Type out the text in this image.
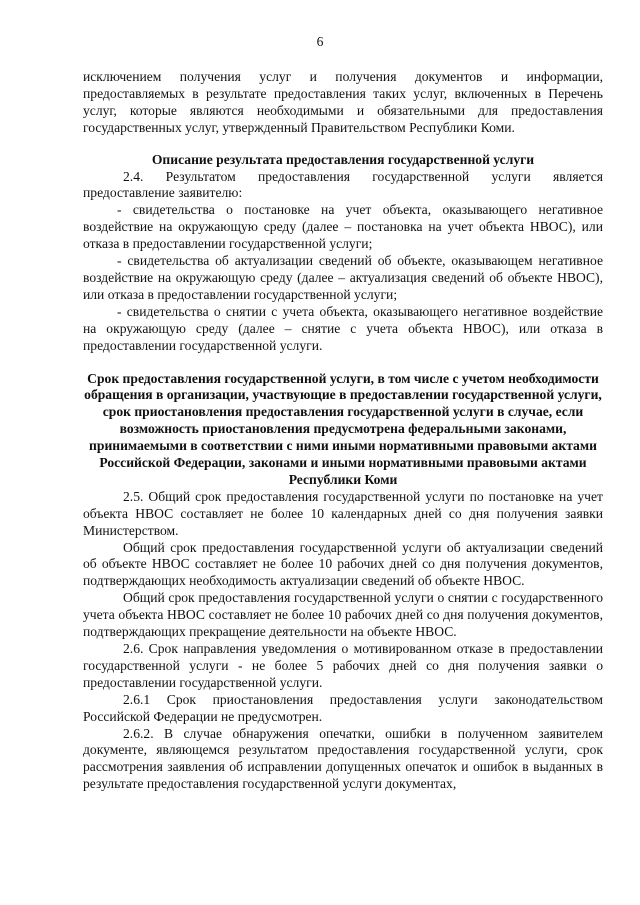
6

исключением получения услуг и получения документов и информации, предоставляемых в результате предоставления таких услуг, включенных в Перечень услуг, которые являются необходимыми и обязательными для предоставления государственных услуг, утвержденный Правительством Республики Коми.

Описание результата предоставления государственной услуги

2.4. Результатом предоставления государственной услуги является предоставление заявителю:

- свидетельства о постановке на учет объекта, оказывающего негативное воздействие на окружающую среду (далее – постановка на учет объекта НВОС), или отказа в предоставлении государственной услуги;

- свидетельства об актуализации сведений об объекте, оказывающем негативное воздействие на окружающую среду (далее – актуализация сведений об объекте НВОС), или отказа в предоставлении государственной услуги;

- свидетельства о снятии с учета объекта, оказывающего негативное воздействие на окружающую среду (далее – снятие с учета объекта НВОС), или отказа в предоставлении государственной услуги.

Срок предоставления государственной услуги, в том числе с учетом необходимости обращения в организации, участвующие в предоставлении государственной услуги, срок приостановления предоставления государственной услуги в случае, если возможность приостановления предусмотрена федеральными законами, принимаемыми в соответствии с ними иными нормативными правовыми актами Российской Федерации, законами и иными нормативными правовыми актами Республики Коми

2.5. Общий срок предоставления государственной услуги по постановке на учет объекта НВОС составляет не более 10 календарных дней со дня получения заявки Министерством.

Общий срок предоставления государственной услуги об актуализации сведений об объекте НВОС составляет не более 10 рабочих дней со дня получения документов, подтверждающих необходимость актуализации сведений об объекте НВОС.

Общий срок предоставления государственной услуги о снятии с государственного учета объекта НВОС составляет не более 10 рабочих дней со дня получения документов, подтверждающих прекращение деятельности на объекте НВОС.

2.6. Срок направления уведомления о мотивированном отказе в предоставлении государственной услуги - не более 5 рабочих дней со дня получения заявки о предоставлении государственной услуги.

2.6.1 Срок приостановления предоставления услуги законодательством Российской Федерации не предусмотрен.

2.6.2. В случае обнаружения опечатки, ошибки в полученном заявителем документе, являющемся результатом предоставления государственной услуги, срок рассмотрения заявления об исправлении допущенных опечаток и ошибок в выданных в результате предоставления государственной услуги документах,
